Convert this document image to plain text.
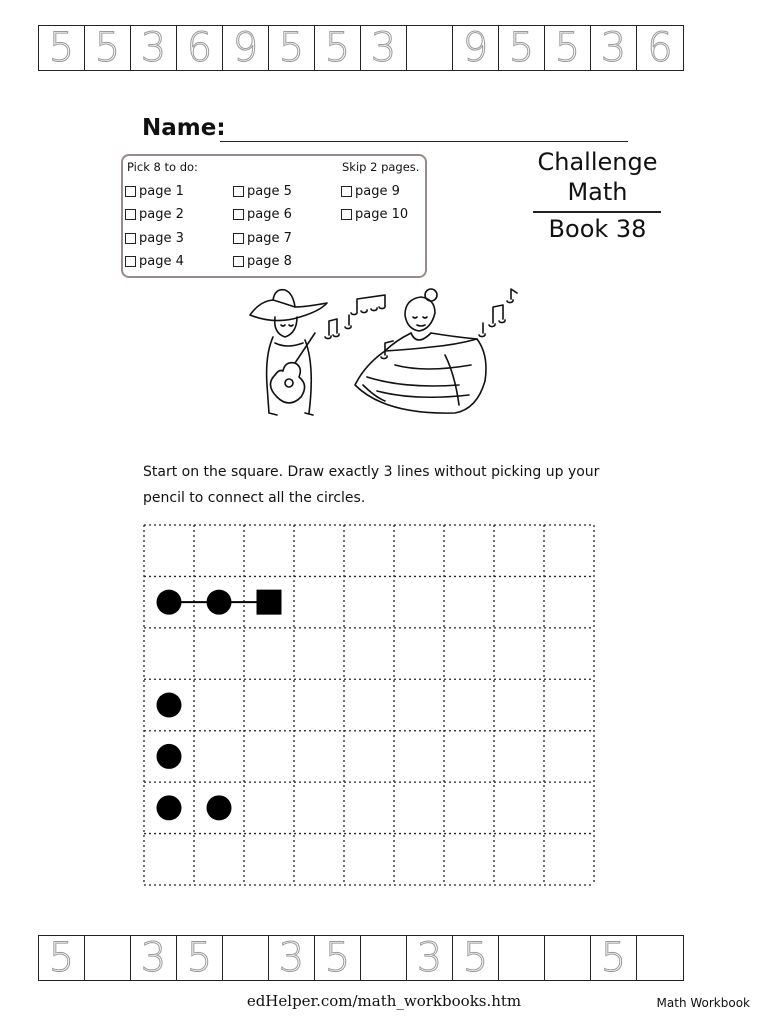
5 5 3 6 9 5 5 3 9 5 5 3 6
Name:
Pick 8 to do:	Skip 2 pages.
page 1
page 2
page 3
page 4
page 5
page 6
page 7
page 8
page 9
page 10
Challenge
Math
Book 38
Start on the square. Draw exactly 3 lines without picking up your
pencil to connect all the circles.
5 3 5 3 5 3 5	5
edHelper.com/math_workbooks.htm	Math Workbook
